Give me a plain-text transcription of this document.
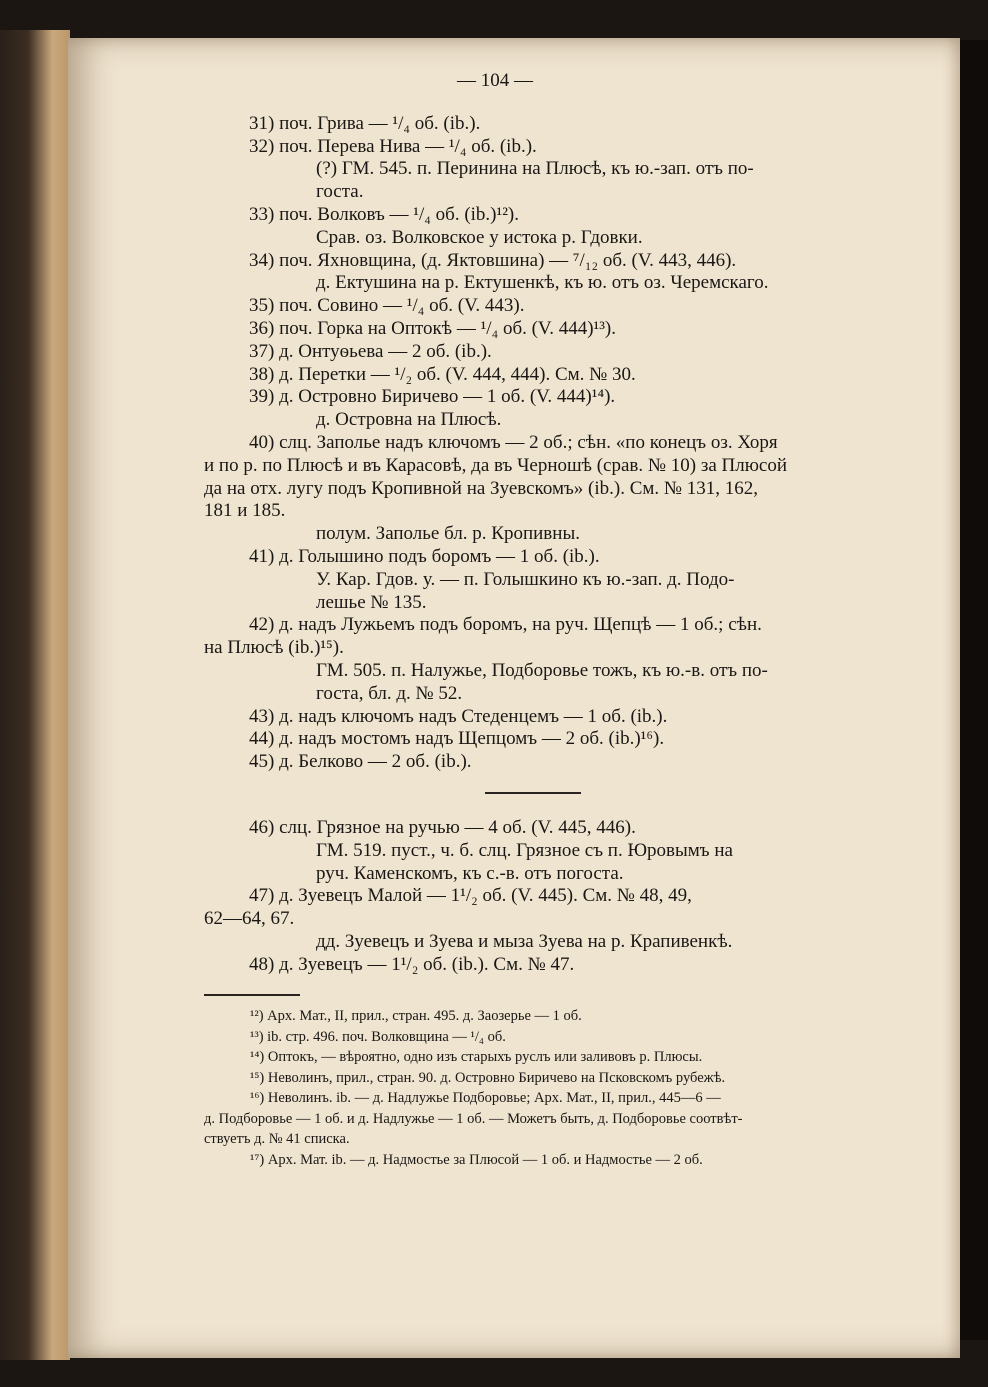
— 104 —
31) поч. Грива — ¹/₄ об. (ib.).
32) поч. Перева Нива — ¹/₄ об. (ib.).
(?) ГМ. 545. п. Перинина на Плюсѣ, къ ю.-зап. отъ по-
госта.
33) поч. Волковъ — ¹/₄ об. (ib.)¹²).
Срав. оз. Волковское у истока р. Гдовки.
34) поч. Яхновщина, (д. Яктовшина) — ⁷/₁₂ об. (V. 443, 446).
д. Ектушина на р. Ектушенкѣ, къ ю. отъ оз. Черемскаго.
35) поч. Совино — ¹/₄ об. (V. 443).
36) поч. Горка на Оптокѣ — ¹/₄ об. (V. 444)¹³).
37) д. Онтуѳьева — 2 об. (ib.).
38) д. Перетки — ¹/₂ об. (V. 444, 444). См. № 30.
39) д. Островно Биричево — 1 об. (V. 444)¹⁴).
д. Островна на Плюсѣ.
40) слц. Заполье надъ ключомъ — 2 об.; сѣн. «по конецъ оз. Хоря
и по р. по Плюсѣ и въ Карасовѣ, да въ Черношѣ (срав. № 10) за Плюсой
да на отх. лугу подъ Кропивной на Зуевскомъ» (ib.). См. № 131, 162,
181 и 185.
полум. Заполье бл. р. Кропивны.
41) д. Голышино подъ боромъ — 1 об. (ib.).
У. Кар. Гдов. у. — п. Голышкино къ ю.-зап. д. Подо-
лешье № 135.
42) д. надъ Лужьемъ подъ боромъ, на руч. Щепцѣ — 1 об.; сѣн.
на Плюсѣ (ib.)¹⁵).
ГМ. 505. п. Налужье, Подборовье тожъ, къ ю.-в. отъ по-
госта, бл. д. № 52.
43) д. надъ ключомъ надъ Стеденцемъ — 1 об. (ib.).
44) д. надъ мостомъ надъ Щепцомъ — 2 об. (ib.)¹⁶).
45) д. Белково — 2 об. (ib.).
46) слц. Грязное на ручью — 4 об. (V. 445, 446).
ГМ. 519. пуст., ч. б. слц. Грязное съ п. Юровымъ на
руч. Каменскомъ, къ с.-в. отъ погоста.
47) д. Зуевецъ Малой — 1¹/₂ об. (V. 445). См. № 48, 49,
62—64, 67.
дд. Зуевецъ и Зуева и мыза Зуева на р. Крапивенкѣ.
48) д. Зуевецъ — 1¹/₂ об. (ib.). См. № 47.
¹²) Арх. Мат., II, прил., стран. 495. д. Заозерье — 1 об.
¹³) ib. стр. 496. поч. Волковщина — ¹/₄ об.
¹⁴) Оптокъ, — вѣроятно, одно изъ старыхъ руслъ или заливовъ р. Плюсы.
¹⁵) Неволинъ, прил., стран. 90. д. Островно Биричево на Псковскомъ рубежѣ.
¹⁶) Неволинъ. ib. — д. Надлужье Подборовье; Арх. Мат., II, прил., 445—6 —
д. Подборовье — 1 об. и д. Надлужье — 1 об. — Можетъ быть, д. Подборовье соотвѣт-
ствуетъ д. № 41 списка.
¹⁷) Арх. Мат. ib. — д. Надмостье за Плюсой — 1 об. и Надмостье — 2 об.
